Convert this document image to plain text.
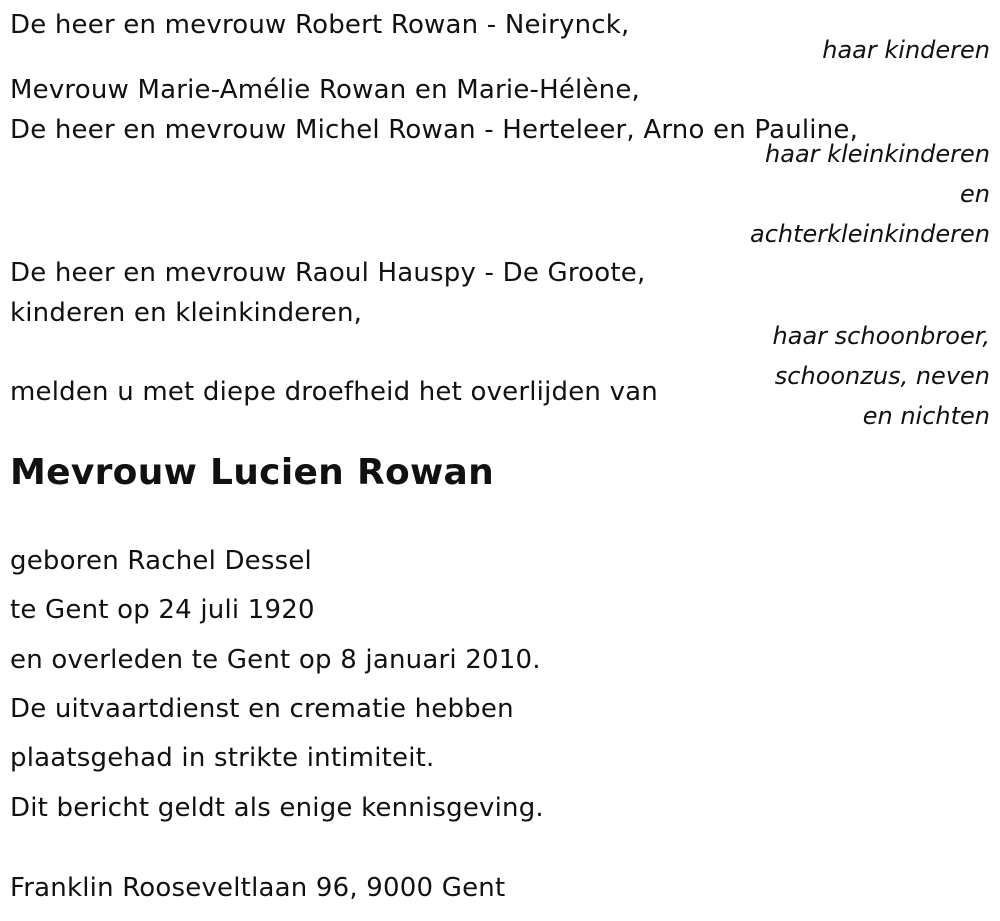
De heer en mevrouw Robert Rowan - Neirynck,
haar kinderen
Mevrouw Marie-Amélie Rowan en Marie-Hélène,
De heer en mevrouw Michel Rowan - Herteleer, Arno en Pauline,
haar kleinkinderen
en
achterkleinkinderen
De heer en mevrouw Raoul Hauspy - De Groote,
kinderen en kleinkinderen,
haar schoonbroer,
schoonzus, neven
en nichten
melden u met diepe droefheid het overlijden van
Mevrouw Lucien Rowan
geboren Rachel Dessel
te Gent op 24 juli 1920
en overleden te Gent op 8 januari 2010.
De uitvaartdienst en crematie hebben
plaatsgehad in strikte intimiteit.
Dit bericht geldt als enige kennisgeving.
Franklin Rooseveltlaan 96, 9000 Gent
